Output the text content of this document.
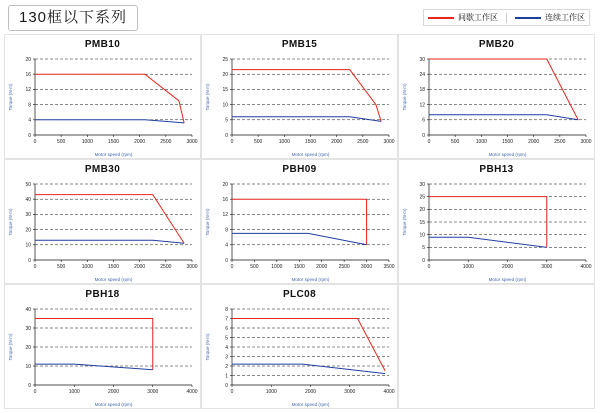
130框以下系列	间歇工作区	连续工作区
PMB10
0	500	1000	1500	2000	2500	3000
0
4
8
12
16
20
Motor speed (rpm)
Torque (N·m)
PMB15
0	500	1000	1500	2000	2500	3000
0
5
10
15
20
25
Motor speed (rpm)
Torque (N·m)
PMB20
0	500	1000	1500	2000	2500	3000
0
6
12
18
24
30
Motor speed (rpm)
Torque (N·m)
PMB30
0	500	1000	1500	2000	2500	3000
0
10
20
30
40
50
Motor speed (rpm)
Torque (N·m)
PBH09
0	500	1000 1500 2000 2500 3000 3500
0
4
8
12
16
20
Motor speed (rpm)
Torque (N·m)
PBH13
0	1000	2000	3000	4000
0
5
10
15
20
25
30
Motor speed (rpm)
Torque (N·m)
PBH18
0	1000	2000	3000	4000
0
10
20
30
40
Motor speed (rpm)
Torque (N·m)
PLC08
0	1000	2000	3000	4000
0
1
2
3
4
5
6
7
8
Motor speed (rpm)
Torque (N·m)
